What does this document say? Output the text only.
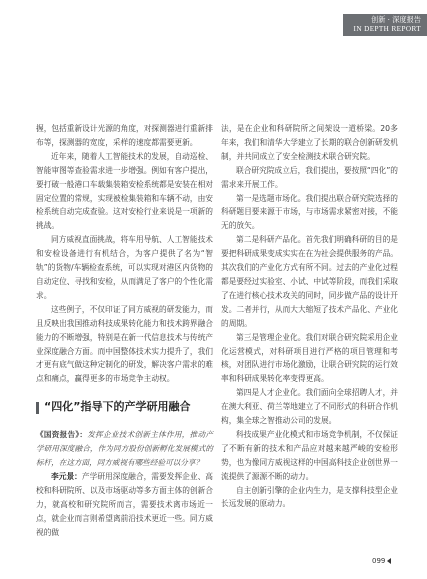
创新 · 深度报告
IN DEPTH REPORT

握，包括重新设计光源的角度，对探测器进行重新排布等，探测器的宽度，采样的速度都需要更新。

近年来，随着人工智能技术的发展，自动巡检、智能审图等查验需求进一步增强。例如有客户提出，要打破一般港口车载集装箱安检系统都是安装在相对固定位置的常规，实现被检集装箱和车辆不动，由安检系统自动完成查验。这对安检行业来说是一项新的挑战。

同方威视直面挑战，将车用导航、人工智能技术和安检设备进行有机结合，为客户提供了名为“智轨”的货物/车辆检查系统，可以实现对港区内货物的自动定位、寻找和安检，从而满足了客户的个性化需求。

这些例子，不仅印证了同方威视的研发能力，而且反映出我国推动科技成果转化能力和技术跨界融合能力的不断增强，特别是在新一代信息技术与传统产业深度融合方面。而中国整体技术实力提升了，我们才更有底气做这种定制化的研发，解决客户需求的难点和痛点，赢得更多的市场竞争主动权。

“四化”指导下的产学研用融合

《国资报告》：发挥企业技术创新主体作用，推动产学研用深度融合，作为同方股份创新孵化发展模式的标杆，在这方面，同方威视有哪些经验可以分享？

李元景：产学研用深度融合，需要发挥企业、高校和科研院所、以及市场驱动等多方面主体的创新合力，就高校和研究院所而言，需要技术离市场近一点，就企业而言则希望离前沿技术更近一些。同方威视的做

法，是在企业和科研院所之间架设一道桥梁。20多年来，我们和清华大学建立了长期的联合创新研发机制，并共同成立了安全检测技术联合研究院。

联合研究院成立后，我们提出，要按照“四化”的需求来开展工作。

第一是选题市场化。我们提出联合研究院选择的科研题目要来源于市场，与市场需求紧密对接，不能无的放矢。

第二是科研产品化。首先我们明确科研的目的是要把科研成果变成实实在在为社会提供服务的产品。其次我们的产业化方式有所不同。过去的产业化过程都是要经过实验室、小试、中试等阶段，而我们采取了在进行核心技术攻关的同时，同步做产品的设计开发。二者并行，从而大大缩短了技术产品化、产业化的周期。

第三是管理企业化。我们对联合研究院采用企业化运营模式，对科研项目进行严格的项目管理和考核，对团队进行市场化激励，让联合研究院的运行效率和科研成果转化率变得更高。

第四是人才企业化。我们面向全球招聘人才，并在澳大利亚、荷兰等地建立了不同形式的科研合作机构，集全球之智推动公司的发展。

科技成果产业化模式和市场竞争机制，不仅保证了不断有新的技术和产品应对越来越严峻的安检形势，也为像同方威视这样的中国高科技企业创世界一流提供了源源不断的动力。

自主创新引擎的企业内生力，是支撑科技型企业长远发展的原动力。

099
